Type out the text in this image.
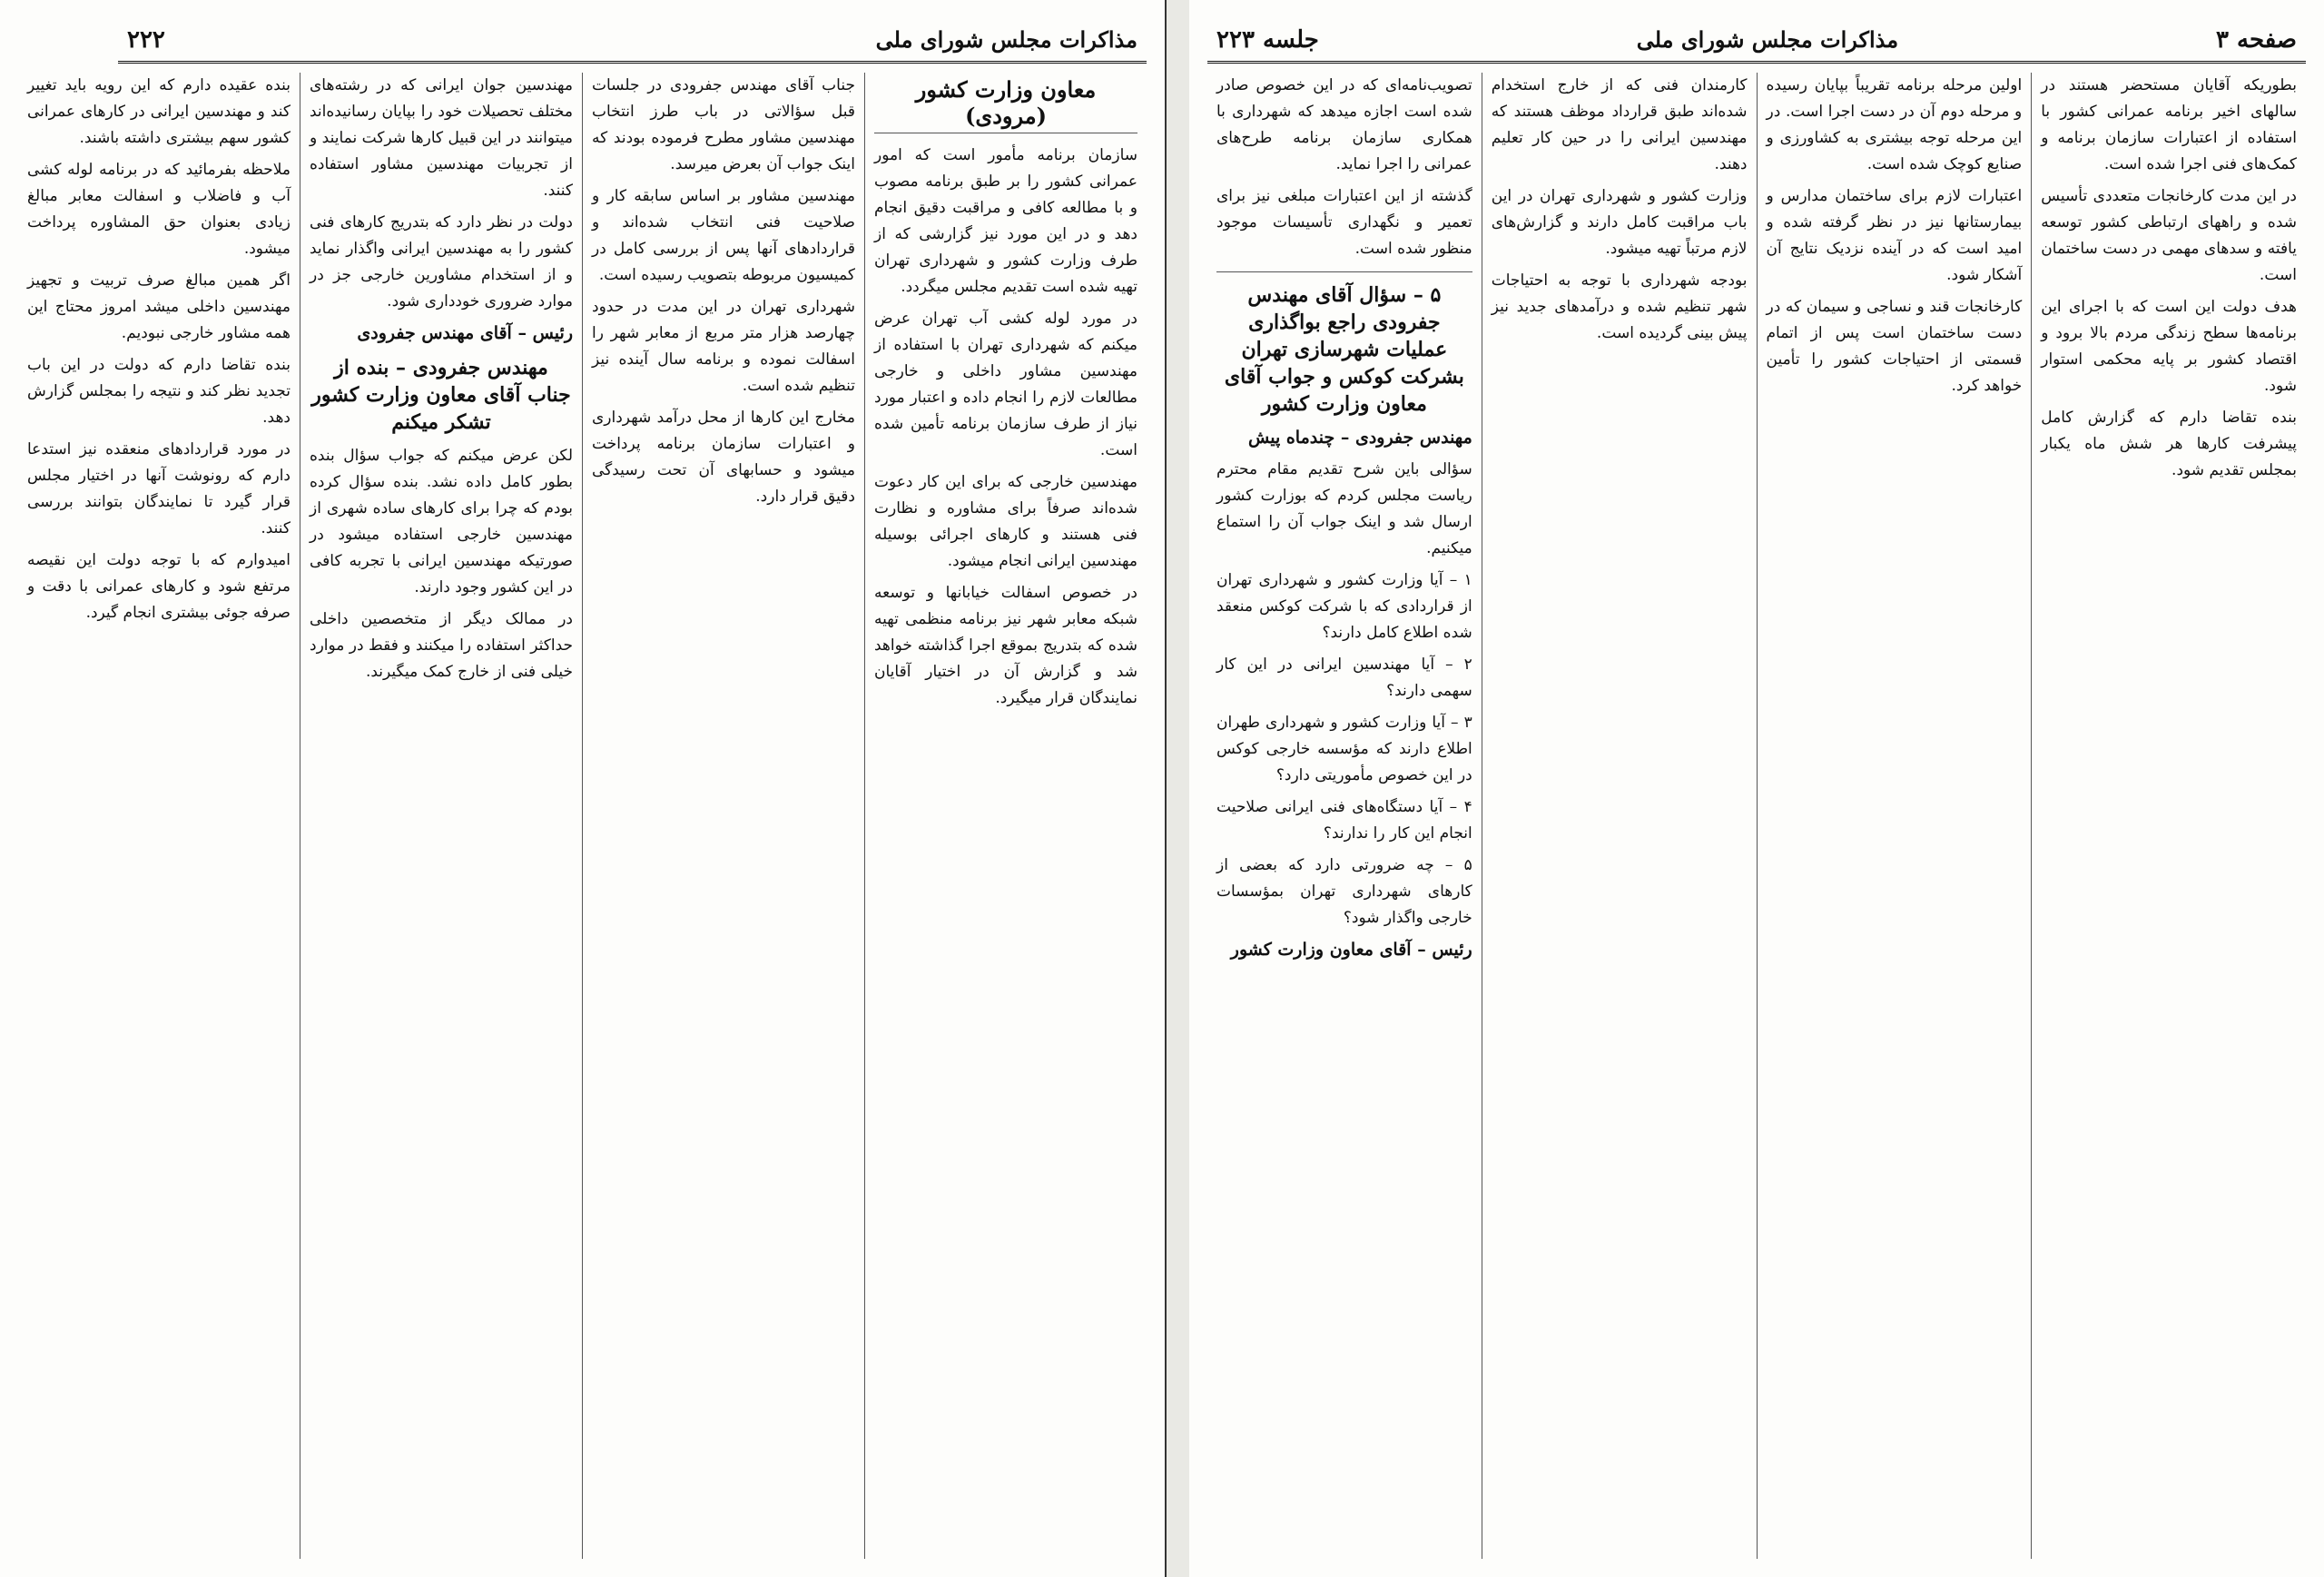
مذاکرات مجلس شورای ملی
۲۲۲
معاون وزارت کشور (مرودی)

سازمان برنامه مأمور است که امور عمرانی کشور را بر طبق برنامه مصوب و با مطالعه کافی و مراقبت دقیق انجام دهد و در این مورد نیز گزارشی که از طرف وزارت کشور و شهرداری تهران تهیه شده است تقدیم مجلس میگردد.

در مورد لوله کشی آب تهران عرض میکنم که شهرداری تهران با استفاده از مهندسین مشاور داخلی و خارجی مطالعات لازم را انجام داده و اعتبار مورد نیاز از طرف سازمان برنامه تأمین شده است.

مهندسین خارجی که برای این کار دعوت شده‌اند صرفاً برای مشاوره و نظارت فنی هستند و کارهای اجرائی بوسیله مهندسین ایرانی انجام میشود.

در خصوص اسفالت خیابانها و توسعه شبکه معابر شهر نیز برنامه منظمی تهیه شده که بتدریج بموقع اجرا گذاشته خواهد شد و گزارش آن در اختیار آقایان نمایندگان قرار میگیرد.

جناب آقای مهندس جفرودی در جلسات قبل سؤالاتی در باب طرز انتخاب مهندسین مشاور مطرح فرموده بودند که اینک جواب آن بعرض میرسد.

مهندسین مشاور بر اساس سابقه کار و صلاحیت فنی انتخاب شده‌اند و قراردادهای آنها پس از بررسی کامل در کمیسیون مربوطه بتصویب رسیده است.

شهرداری تهران در این مدت در حدود چهارصد هزار متر مربع از معابر شهر را اسفالت نموده و برنامه سال آینده نیز تنظیم شده است.

مخارج این کارها از محل درآمد شهرداری و اعتبارات سازمان برنامه پرداخت میشود و حسابهای آن تحت رسیدگی دقیق قرار دارد.

مهندسین جوان ایرانی که در رشته‌های مختلف تحصیلات خود را بپایان رسانیده‌اند میتوانند در این قبیل کارها شرکت نمایند و از تجربیات مهندسین مشاور استفاده کنند.

دولت در نظر دارد که بتدریج کارهای فنی کشور را به مهندسین ایرانی واگذار نماید و از استخدام مشاورین خارجی جز در موارد ضروری خودداری شود.

رئیس – آقای مهندس جفرودی
مهندس جفرودی – بنده از جناب آقای معاون وزارت کشور تشکر میکنم

لکن عرض میکنم که جواب سؤال بنده بطور کامل داده نشد. بنده سؤال کرده بودم که چرا برای کارهای ساده شهری از مهندسین خارجی استفاده میشود در صورتیکه مهندسین ایرانی با تجربه کافی در این کشور وجود دارند.

در ممالک دیگر از متخصصین داخلی حداکثر استفاده را میکنند و فقط در موارد خیلی فنی از خارج کمک میگیرند.

بنده عقیده دارم که این رویه باید تغییر کند و مهندسین ایرانی در کارهای عمرانی کشور سهم بیشتری داشته باشند.

ملاحظه بفرمائید که در برنامه لوله کشی آب و فاضلاب و اسفالت معابر مبالغ زیادی بعنوان حق المشاوره پرداخت میشود.

اگر همین مبالغ صرف تربیت و تجهیز مهندسین داخلی میشد امروز محتاج این همه مشاور خارجی نبودیم.

بنده تقاضا دارم که دولت در این باب تجدید نظر کند و نتیجه را بمجلس گزارش دهد.

در مورد قراردادهای منعقده نیز استدعا دارم که رونوشت آنها در اختیار مجلس قرار گیرد تا نمایندگان بتوانند بررسی کنند.

امیدوارم که با توجه دولت این نقیصه مرتفع شود و کارهای عمرانی با دقت و صرفه جوئی بیشتری انجام گیرد.

صفحه ۳
مذاکرات مجلس شورای ملی
جلسه ۲۲۳

بطوریکه آقایان مستحضر هستند در سالهای اخیر برنامه عمرانی کشور با استفاده از اعتبارات سازمان برنامه و کمک‌های فنی اجرا شده است.

در این مدت کارخانجات متعددی تأسیس شده و راههای ارتباطی کشور توسعه یافته و سدهای مهمی در دست ساختمان است.

هدف دولت این است که با اجرای این برنامه‌ها سطح زندگی مردم بالا برود و اقتصاد کشور بر پایه محکمی استوار شود.

بنده تقاضا دارم که گزارش کامل پیشرفت کارها هر شش ماه یکبار بمجلس تقدیم شود.

اولین مرحله برنامه تقریباً بپایان رسیده و مرحله دوم آن در دست اجرا است. در این مرحله توجه بیشتری به کشاورزی و صنایع کوچک شده است.

اعتبارات لازم برای ساختمان مدارس و بیمارستانها نیز در نظر گرفته شده و امید است که در آینده نزدیک نتایج آن آشکار شود.

کارخانجات قند و نساجی و سیمان که در دست ساختمان است پس از اتمام قسمتی از احتیاجات کشور را تأمین خواهد کرد.

کارمندان فنی که از خارج استخدام شده‌اند طبق قرارداد موظف هستند که مهندسین ایرانی را در حین کار تعلیم دهند.

وزارت کشور و شهرداری تهران در این باب مراقبت کامل دارند و گزارش‌های لازم مرتباً تهیه میشود.

بودجه شهرداری با توجه به احتیاجات شهر تنظیم شده و درآمدهای جدید نیز پیش بینی گردیده است.

تصویب‌نامه‌ای که در این خصوص صادر شده است اجازه میدهد که شهرداری با همکاری سازمان برنامه طرح‌های عمرانی را اجرا نماید.

گذشته از این اعتبارات مبلغی نیز برای تعمیر و نگهداری تأسیسات موجود منظور شده است.

۵ – سؤال آقای مهندس جفرودی راجع بواگذاری عملیات شهرسازی تهران بشرکت کوکس و جواب آقای معاون وزارت کشور
مهندس جفرودی – چندماه پیش

سؤالی باین شرح تقدیم مقام محترم ریاست مجلس کردم که بوزارت کشور ارسال شد و اینک جواب آن را استماع میکنیم.

۱ – آیا وزارت کشور و شهرداری تهران از قراردادی که با شرکت کوکس منعقد شده اطلاع کامل دارند؟

۲ – آیا مهندسین ایرانی در این کار سهمی دارند؟

۳ – آیا وزارت کشور و شهرداری طهران اطلاع دارند که مؤسسه خارجی کوکس در این خصوص مأموریتی دارد؟

۴ – آیا دستگاه‌های فنی ایرانی صلاحیت انجام این کار را ندارند؟

۵ – چه ضرورتی دارد که بعضی از کارهای شهرداری تهران بمؤسسات خارجی واگذار شود؟

رئیس – آقای معاون وزارت کشور
